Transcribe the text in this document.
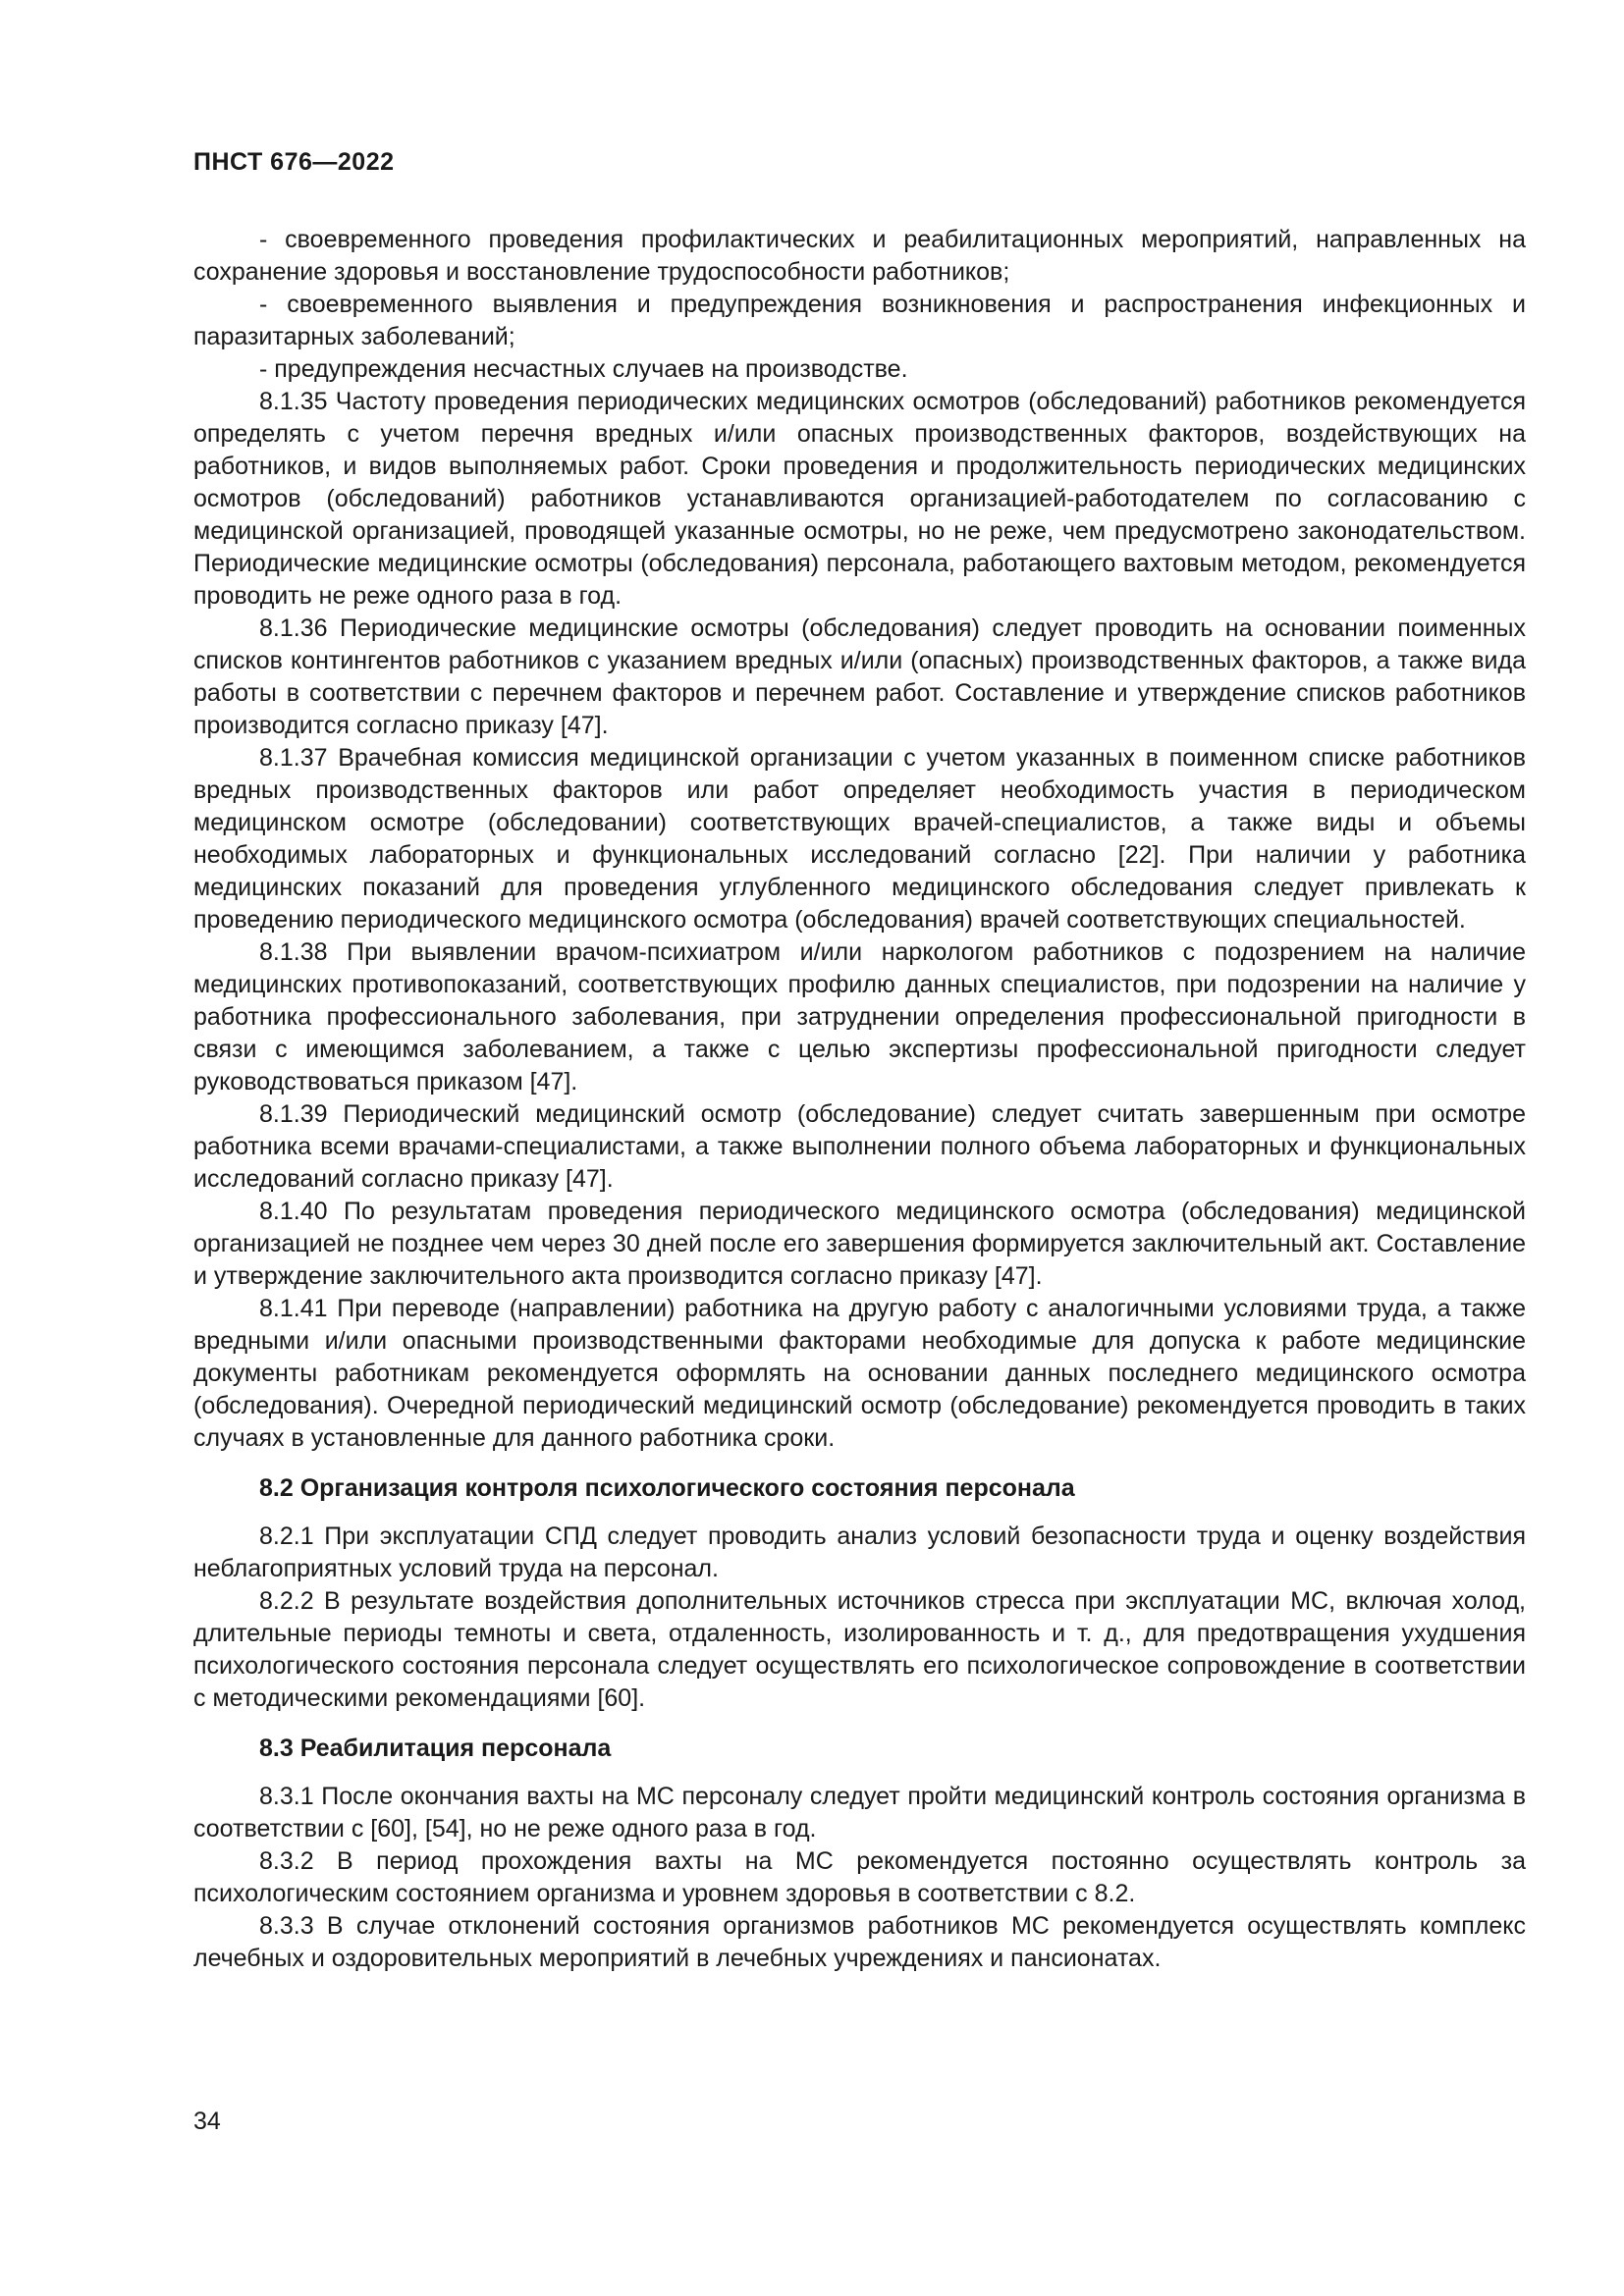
ПНСТ 676—2022

- своевременного проведения профилактических и реабилитационных мероприятий, направленных на сохранение здоровья и восстановление трудоспособности работников;

- своевременного выявления и предупреждения возникновения и распространения инфекционных и паразитарных заболеваний;

- предупреждения несчастных случаев на производстве.

8.1.35 Частоту проведения периодических медицинских осмотров (обследований) работников рекомендуется определять с учетом перечня вредных и/или опасных производственных факторов, воздействующих на работников, и видов выполняемых работ. Сроки проведения и продолжительность периодических медицинских осмотров (обследований) работников устанавливаются организацией-работодателем по согласованию с медицинской организацией, проводящей указанные осмотры, но не реже, чем предусмотрено законодательством. Периодические медицинские осмотры (обследования) персонала, работающего вахтовым методом, рекомендуется проводить не реже одного раза в год.

8.1.36 Периодические медицинские осмотры (обследования) следует проводить на основании поименных списков контингентов работников с указанием вредных и/или (опасных) производственных факторов, а также вида работы в соответствии с перечнем факторов и перечнем работ. Составление и утверждение списков работников производится согласно приказу [47].

8.1.37 Врачебная комиссия медицинской организации с учетом указанных в поименном списке работников вредных производственных факторов или работ определяет необходимость участия в периодическом медицинском осмотре (обследовании) соответствующих врачей-специалистов, а также виды и объемы необходимых лабораторных и функциональных исследований согласно [22]. При наличии у работника медицинских показаний для проведения углубленного медицинского обследования следует привлекать к проведению периодического медицинского осмотра (обследования) врачей соответствующих специальностей.

8.1.38 При выявлении врачом-психиатром и/или наркологом работников с подозрением на наличие медицинских противопоказаний, соответствующих профилю данных специалистов, при подозрении на наличие у работника профессионального заболевания, при затруднении определения профессиональной пригодности в связи с имеющимся заболеванием, а также с целью экспертизы профессиональной пригодности следует руководствоваться приказом [47].

8.1.39 Периодический медицинский осмотр (обследование) следует считать завершенным при осмотре работника всеми врачами-специалистами, а также выполнении полного объема лабораторных и функциональных исследований согласно приказу [47].

8.1.40 По результатам проведения периодического медицинского осмотра (обследования) медицинской организацией не позднее чем через 30 дней после его завершения формируется заключительный акт. Составление и утверждение заключительного акта производится согласно приказу [47].

8.1.41 При переводе (направлении) работника на другую работу с аналогичными условиями труда, а также вредными и/или опасными производственными факторами необходимые для допуска к работе медицинские документы работникам рекомендуется оформлять на основании данных последнего медицинского осмотра (обследования). Очередной периодический медицинский осмотр (обследование) рекомендуется проводить в таких случаях в установленные для данного работника сроки.

8.2 Организация контроля психологического состояния персонала

8.2.1 При эксплуатации СПД следует проводить анализ условий безопасности труда и оценку воздействия неблагоприятных условий труда на персонал.

8.2.2 В результате воздействия дополнительных источников стресса при эксплуатации МС, включая холод, длительные периоды темноты и света, отдаленность, изолированность и т. д., для предотвращения ухудшения психологического состояния персонала следует осуществлять его психологическое сопровождение в соответствии с методическими рекомендациями [60].

8.3 Реабилитация персонала

8.3.1 После окончания вахты на МС персоналу следует пройти медицинский контроль состояния организма в соответствии с [60], [54], но не реже одного раза в год.

8.3.2 В период прохождения вахты на МС рекомендуется постоянно осуществлять контроль за психологическим состоянием организма и уровнем здоровья в соответствии с 8.2.

8.3.3 В случае отклонений состояния организмов работников МС рекомендуется осуществлять комплекс лечебных и оздоровительных мероприятий в лечебных учреждениях и пансионатах.

34
